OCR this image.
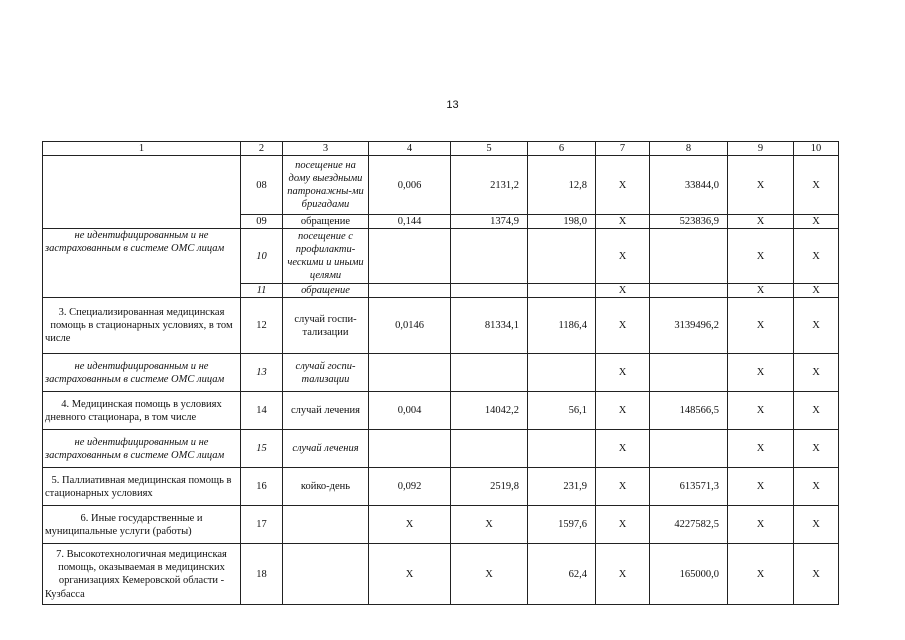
13
1	2	3	4	5	6	7	8	9	10
	08	посещение на дому выездными патронажны-ми бригадами	0,006	2131,2	12,8	Х	33844,0	Х	Х
	09	обращение	0,144	1374,9	198,0	Х	523836,9	Х	Х
не идентифицированным и не застрахованным в системе ОМС лицам	10	посещение с профилакти-ческими и иными целями				Х		Х	Х
	11	обращение				Х		Х	Х
3. Специализированная медицинская помощь в стационарных условиях, в том числе	12	случай госпи-тализации	0,0146	81334,1	1186,4	Х	3139496,2	Х	Х
не идентифицированным и не застрахованным в системе ОМС лицам	13	случай госпи-тализации				Х		Х	Х
4. Медицинская помощь в условиях дневного стационара, в том числе	14	случай лечения	0,004	14042,2	56,1	Х	148566,5	Х	Х
не идентифицированным и не застрахованным в системе ОМС лицам	15	случай лечения				Х		Х	Х
5. Паллиативная медицинская помощь в стационарных условиях	16	койко-день	0,092	2519,8	231,9	Х	613571,3	Х	Х
6. Иные государственные и муниципальные услуги (работы)	17		Х	Х	1597,6	Х	4227582,5	Х	Х
7. Высокотехнологичная медицинская помощь, оказываемая в медицинских организациях Кемеровской области - Кузбасса	18		Х	Х	62,4	Х	165000,0	Х	Х
